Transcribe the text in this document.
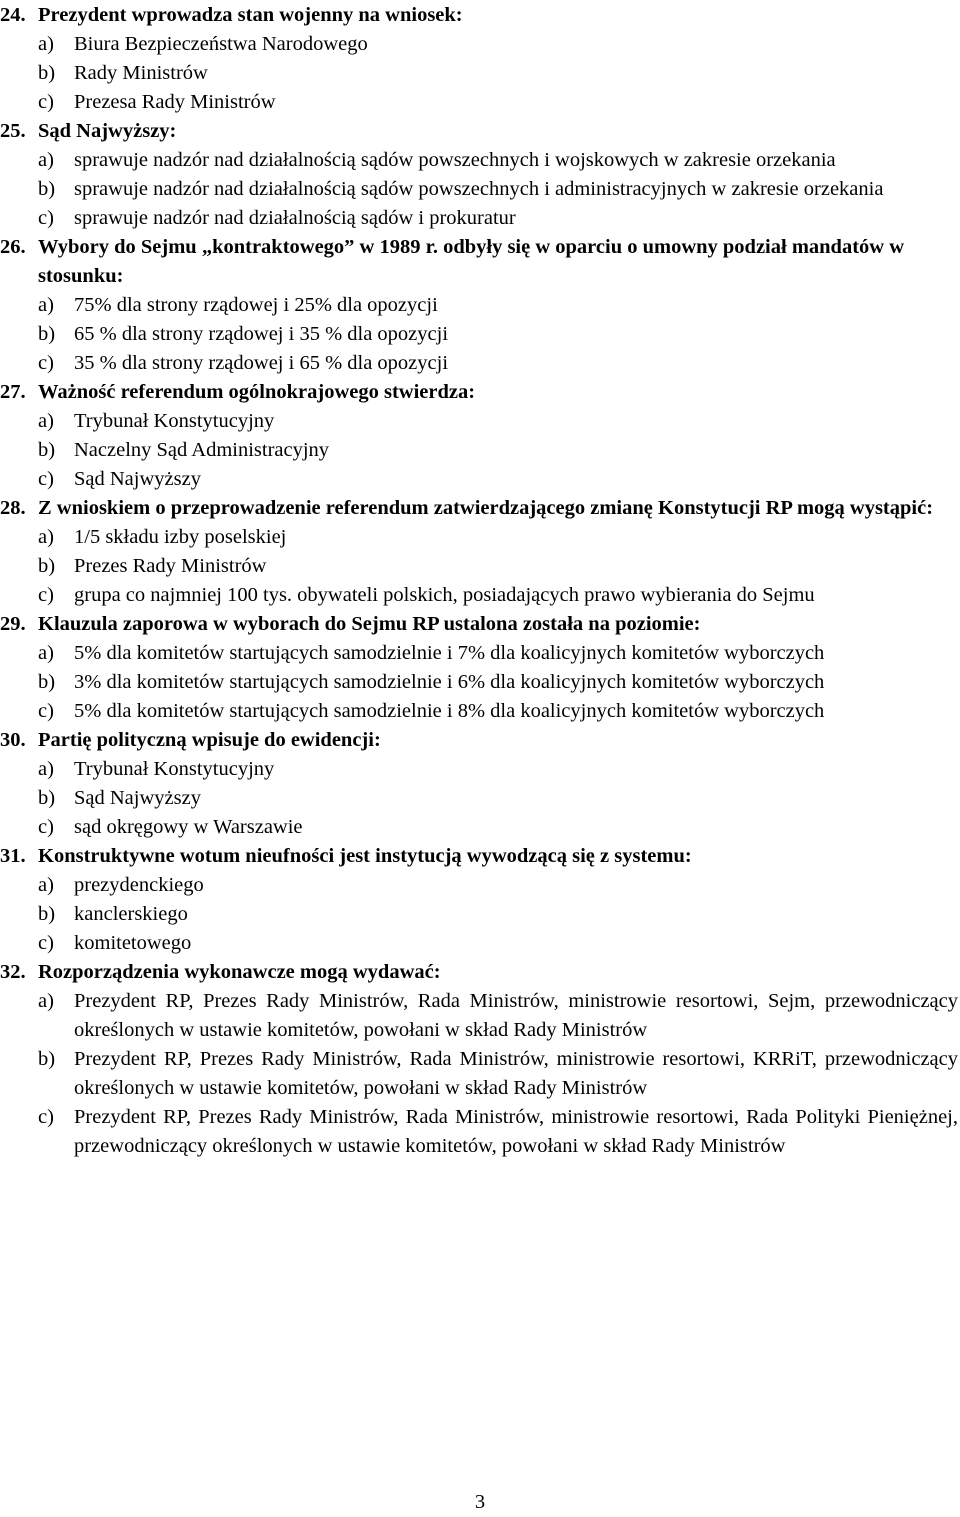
24. Prezydent wprowadza stan wojenny na wniosek:
a) Biura Bezpieczeństwa Narodowego
b) Rady Ministrów
c) Prezesa Rady Ministrów
25. Sąd Najwyższy:
a) sprawuje nadzór nad działalnością sądów powszechnych i wojskowych w zakresie orzekania
b) sprawuje nadzór nad działalnością sądów powszechnych i administracyjnych w zakresie orzekania
c) sprawuje nadzór nad działalnością sądów i prokuratur
26. Wybory do Sejmu „kontraktowego” w 1989 r. odbyły się w oparciu o umowny podział mandatów w stosunku:
a) 75% dla strony rządowej i 25% dla opozycji
b) 65 % dla strony rządowej i 35 % dla opozycji
c) 35 % dla strony rządowej i 65 % dla opozycji
27. Ważność referendum ogólnokrajowego stwierdza:
a) Trybunał Konstytucyjny
b) Naczelny Sąd Administracyjny
c) Sąd Najwyższy
28. Z wnioskiem o przeprowadzenie referendum zatwierdzającego zmianę Konstytucji RP mogą wystąpić:
a) 1/5 składu izby poselskiej
b) Prezes Rady Ministrów
c) grupa co najmniej 100 tys. obywateli polskich, posiadających prawo wybierania do Sejmu
29. Klauzula zaporowa w wyborach do Sejmu RP ustalona została na poziomie:
a) 5% dla komitetów startujących samodzielnie i 7% dla koalicyjnych komitetów wyborczych
b) 3% dla komitetów startujących samodzielnie i 6% dla koalicyjnych komitetów wyborczych
c) 5% dla komitetów startujących samodzielnie i 8% dla koalicyjnych komitetów wyborczych
30. Partię polityczną wpisuje do ewidencji:
a) Trybunał Konstytucyjny
b) Sąd Najwyższy
c) sąd okręgowy w Warszawie
31. Konstruktywne wotum nieufności jest instytucją wywodzącą się z systemu:
a) prezydenckiego
b) kanclerskiego
c) komitetowego
32. Rozporządzenia wykonawcze mogą wydawać:
a) Prezydent RP, Prezes Rady Ministrów, Rada Ministrów, ministrowie resortowi, Sejm, przewodniczący określonych w ustawie komitetów, powołani w skład Rady Ministrów
b) Prezydent RP, Prezes Rady Ministrów, Rada Ministrów, ministrowie resortowi, KRRiT, przewodniczący określonych w ustawie komitetów, powołani w skład Rady Ministrów
c) Prezydent RP, Prezes Rady Ministrów, Rada Ministrów, ministrowie resortowi, Rada Polityki Pieniężnej, przewodniczący określonych w ustawie komitetów, powołani w skład Rady Ministrów
3
